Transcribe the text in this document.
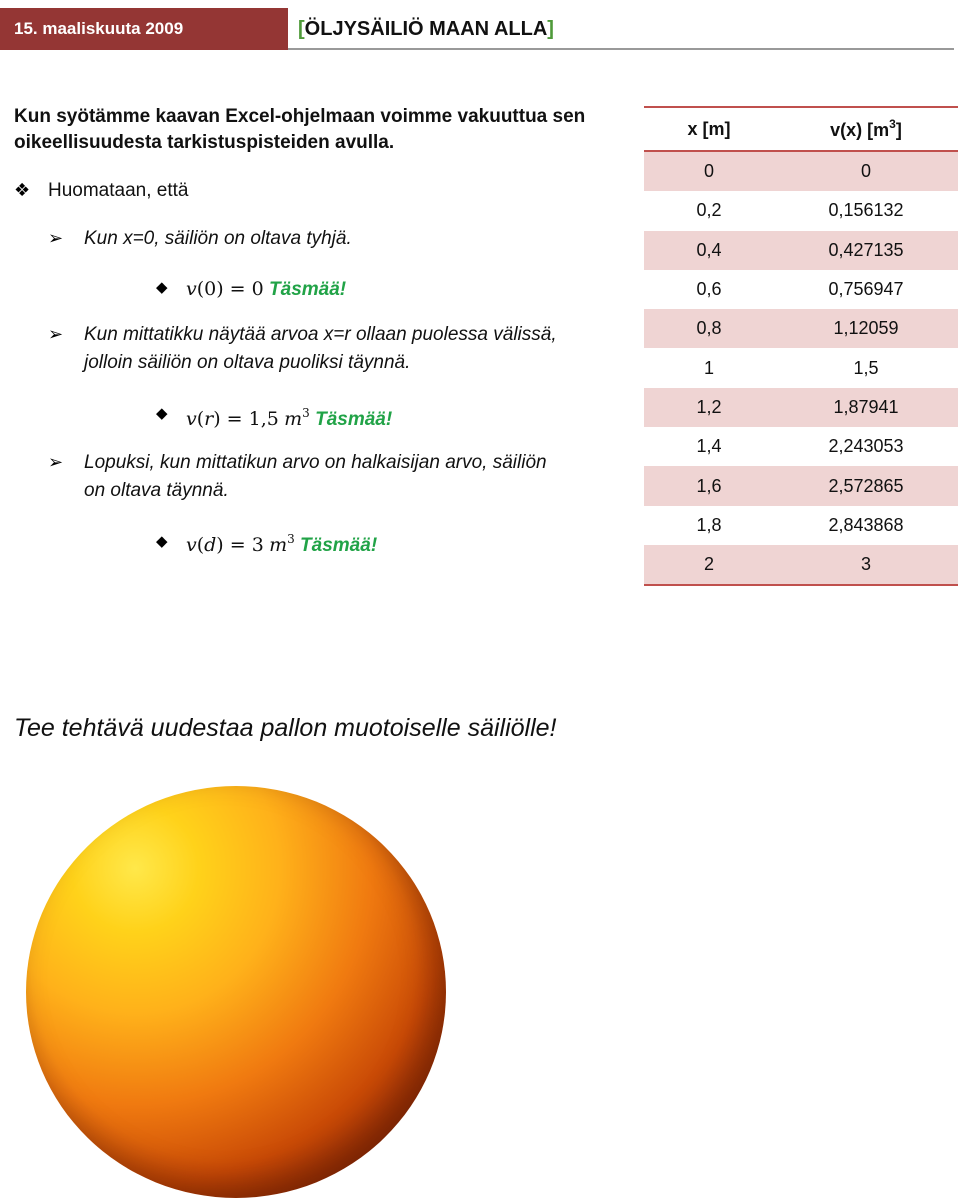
15. maaliskuuta 2009	[ ÖLJYSÄILIÖ MAAN ALLA ]
Kun syötämme kaavan Excel-ohjelmaan voimme vakuuttua sen oikeellisuudesta tarkistuspisteiden avulla.
❖ Huomataan, että
➢ Kun x=0, säiliön on oltava tyhjä.
◆ 𝑣(0) = 0 Täsmää!
➢ Kun mittatikku näytää arvoa x=r ollaan puolessa välissä,
jolloin säiliön on oltava puoliksi täynnä.
◆ 𝑣(𝑟) = 1,5 𝑚$^3$ Täsmää!
➢ Lopuksi, kun mittatikun arvo on halkaisijan arvo, säiliön
on oltava täynnä.
◆ 𝑣(𝑑) = 3 𝑚$^3$ Täsmää!
x [m]	v(x) $[m^3]$
0	0
0,2	0,156132
0,4	0,427135
0,6	0,756947
0,8	1,12059
1	1,5
1,2	1,87941
1,4	2,243053
1,6	2,572865
1,8	2,843868
2	3
Tee tehtävä uudestaa pallon muotoiselle säiliölle!
